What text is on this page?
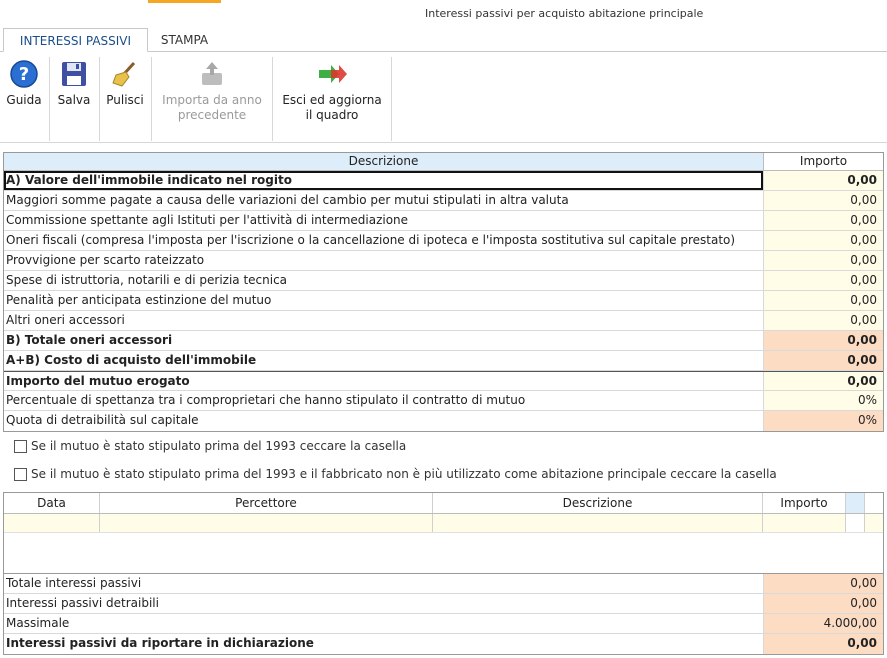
Interessi passivi per acquisto abitazione principale
INTERESSI PASSIVI	STAMPA
?
Guida	Salva	Pulisci	Importa da anno
precedente
Esci ed aggiorna
il quadro
Descrizione	Importo
A) Valore dell'immobile indicato nel rogito	0,00
Maggiori somme pagate a causa delle variazioni del cambio per mutui stipulati in altra valuta	0,00
Commissione spettante agli Istituti per l'attività di intermediazione	0,00
Oneri fiscali (compresa l'imposta per l'iscrizione o la cancellazione di ipoteca e l'imposta sostitutiva sul capitale prestato)	0,00
Provvigione per scarto rateizzato	0,00
Spese di istruttoria, notarili e di perizia tecnica	0,00
Penalità per anticipata estinzione del mutuo	0,00
Altri oneri accessori	0,00
B) Totale oneri accessori	0,00
A+B) Costo di acquisto dell'immobile	0,00
Importo del mutuo erogato	0,00
Percentuale di spettanza tra i comproprietari che hanno stipulato il contratto di mutuo	0%
Quota di detraibilità sul capitale	0%
Se il mutuo è stato stipulato prima del 1993 ceccare la casella
Se il mutuo è stato stipulato prima del 1993 e il fabbricato non è più utilizzato come abitazione principale ceccare la casella
Data	Percettore	Descrizione	Importo
Totale interessi passivi	0,00
Interessi passivi detraibili	0,00
Massimale	4.000,00
Interessi passivi da riportare in dichiarazione	0,00
